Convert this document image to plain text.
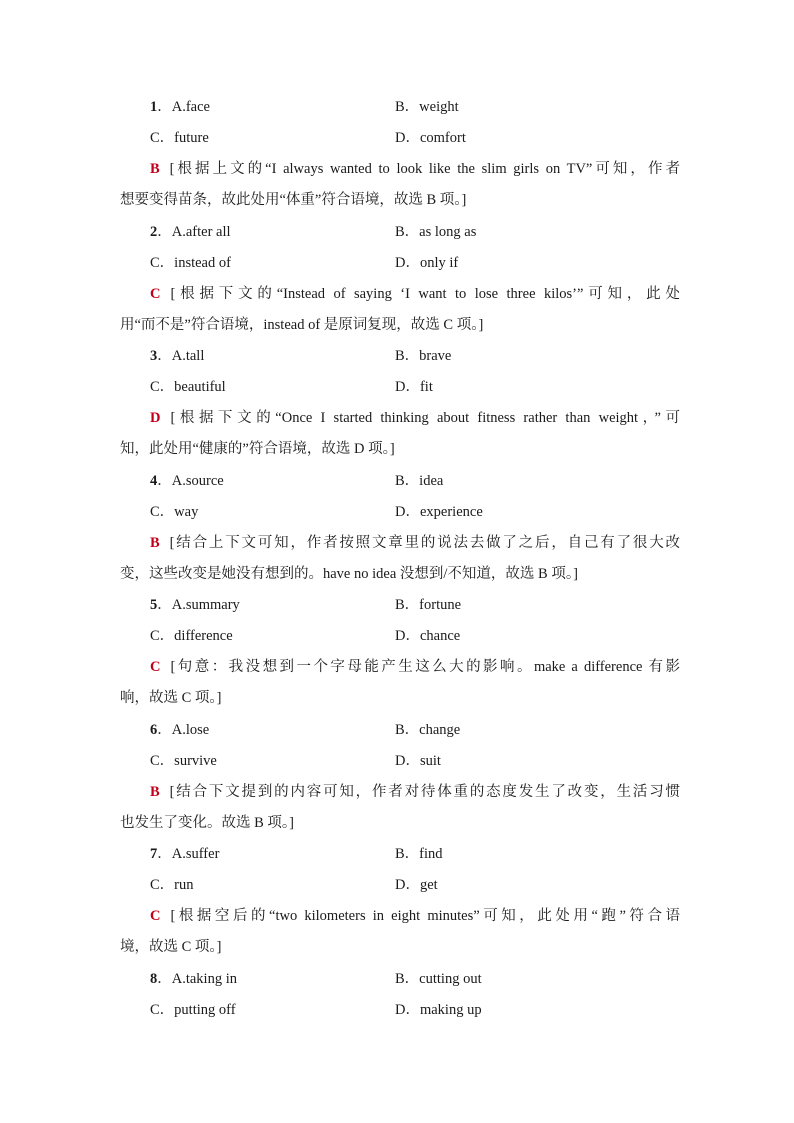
1．A.face	B．weight
C．future	D．comfort
B [根据上文的“I always wanted to look like the slim girls on TV”可知，作者
想要变得苗条，故此处用“体重”符合语境，故选 B 项。]
2．A.after all	B．as long as
C．instead of	D．only if
C [根据下文的“Instead of saying ‘I want to lose three kilos’”可知，此处
用“而不是”符合语境，instead of 是原词复现，故选 C 项。]
3．A.tall	B．brave
C．beautiful	D．fit
D [根据下文的“Once I started thinking about fitness rather than weight，”可
知，此处用“健康的”符合语境，故选 D 项。]
4．A.source	B．idea
C．way	D．experience
B [结合上下文可知，作者按照文章里的说法去做了之后，自己有了很大改
变，这些改变是她没有想到的。have no idea 没想到/不知道，故选 B 项。]
5．A.summary	B．fortune
C．difference	D．chance
C [句意：我没想到一个字母能产生这么大的影响。make a difference 有影
响，故选 C 项。]
6．A.lose	B．change
C．survive	D．suit
B [结合下文提到的内容可知，作者对待体重的态度发生了改变，生活习惯
也发生了变化。故选 B 项。]
7．A.suffer	B．find
C．run	D．get
C [根据空后的“two kilometers in eight minutes”可知，此处用“跑”符合语
境，故选 C 项。]
8．A.taking in	B．cutting out
C．putting off	D．making up
